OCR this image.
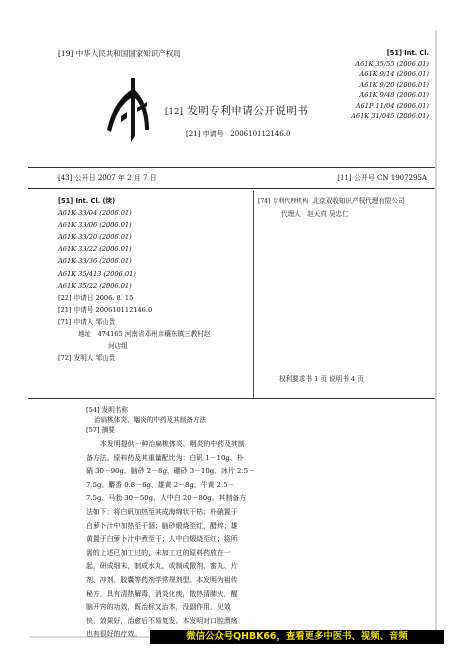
[19] 中华人民共和国国家知识产权局
[12] 发明专利申请公开说明书
[21] 申请号 200610112146.0
[51] Int. Cl.
A61K 35/55 (2006.01)
A61K 9/14 (2006.01)
A61K 9/20 (2006.01)
A61K 9/48 (2006.01)
A61P 11/04 (2006.01)
A61K 31/045 (2006.01)
[43] 公开日 2007 年 2 月 7 日	[11] 公开号 CN 1907295A
[51] Int. Cl. (续)
A61K 33/04 (2006.01)
A61K 33/06 (2006.01)
A61K 33/20 (2006.01)
A61K 33/22 (2006.01)
A61K 33/36 (2006.01)
A61K 35/413 (2006.01)
A61K 35/22 (2006.01)
[22] 申请日 2006. 8. 15
[21] 申请号 200610112146.0
[71] 申请人 邹山贵
地址 474165 河南省邓州市穰东镇三教村赵
河店组
[72] 发明人 邹山贵
[74] 专利代理机构 北京双收知识产权代理有限公司
代理人 赵天真 吴忠仁
权利要求书 1 页 说明书 4 页
[54] 发明名称
治扁桃体炎、咽炎的中药及其制备方法
[57] 摘要
本发明提供一种治扁桃体炎、咽炎的中药及其制
备方法。原料药及其重量配比为：白矾 1－10g、朴
硝 30－90g、脑砂 2－8g、硼砂 3－10g、冰片 2.5－
7.5g、麝香 0.8－6g、雄黄 2－8g、牛黄 2.5－
7.5g、马勃 30－50g、人中白 20－80g。其制备方
法如下：将白矾加热至其成海绵状干枯；朴硝置于
白萝卜汁中加热至干涸；脑砂煅烧至红，醋焠；雄
黄置于白萝卜汁中煮至干；人中白煅烧至红；将所
需的上述已加工过的、未加工过的原料药放在一
起，研成细末，制成水丸，或制成散剂、蜜丸、片
剂、冲剂、胶囊等药剂学常规剂型。本发明为祖传
秘方，具有清热解毒，消炎化痰，散热清肺火，醒
脑开窍的功效，既治标又治本，没副作用，见效
快、效果好，治愈后不易复发。本发明对口腔溃疡
也有很好的疗效。	微信公众号QHBK66，查看更多中医书、视频、音频
